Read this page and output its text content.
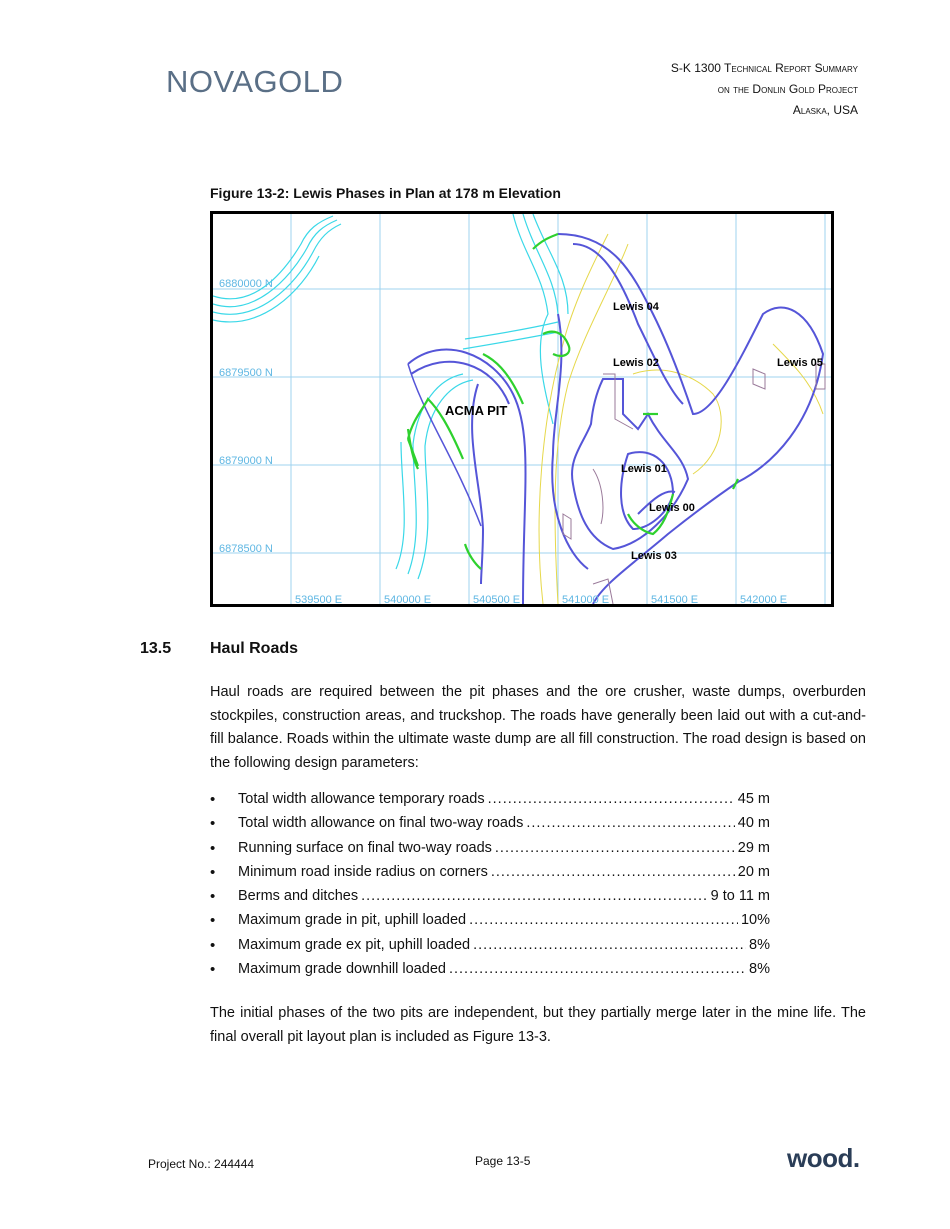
NOVAGOLD	S-K 1300 Technical Report Summary
on the Donlin Gold Project
Alaska, USA
Figure 13-2: Lewis Phases in Plan at 178 m Elevation
6880000 N
6879500 N
6879000 N
6878500 N
539500 E	540000 E	540500 E	541000 E	541500 E	542000 E
ACMA PIT
Lewis 04
Lewis 02	Lewis 05
Lewis 01
Lewis 00
Lewis 03
13.5 Haul Roads
Haul roads are required between the pit phases and the ore crusher, waste dumps, overburden stockpiles, construction areas, and truckshop. The roads have generally been laid out with a cut-and-fill balance. Roads within the ultimate waste dump are all fill construction. The road design is based on the following design parameters:
• Total width allowance temporary roads .....	45 m
• Total width allowance on final two-way roads .....	40 m
• Running surface on final two-way roads .....	29 m
• Minimum road inside radius on corners .....	20 m
• Berms and ditches .....	9 to 11 m
• Maximum grade in pit, uphill loaded .....	10%
• Maximum grade ex pit, uphill loaded .....	8%
• Maximum grade downhill loaded .....	8%
The initial phases of the two pits are independent, but they partially merge later in the mine life. The final overall pit layout plan is included as Figure 13-3.
Project No.: 244444	Page 13-5	wood.
